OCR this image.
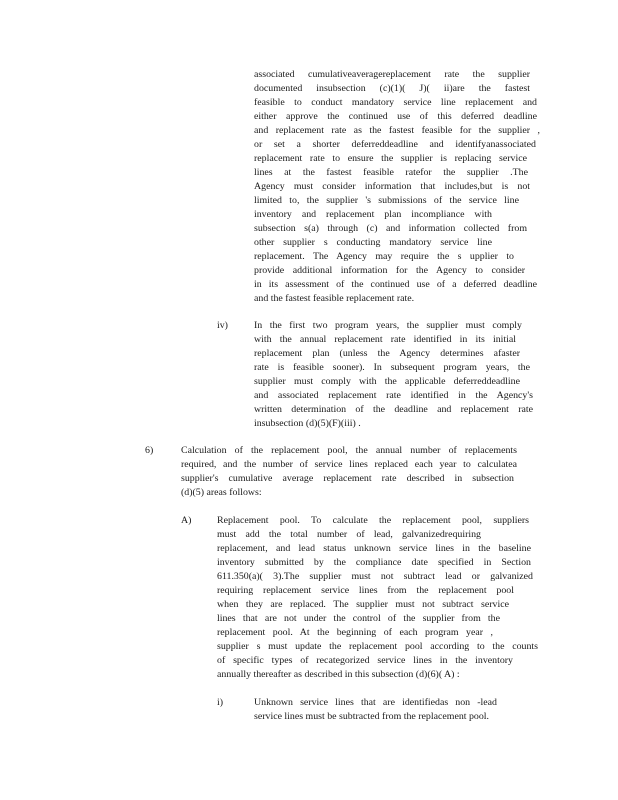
associated cumulativeaveragereplacement rate the supplier
documented insubsection (c)(1)( J)( ii)are the fastest
feasible to conduct mandatory service line replacement and
either approve the continued use of this deferred deadline
and replacement rate as the fastest feasible for the supplier ,
or set a shorter deferreddeadline and identifyanassociated
replacement rate to ensure the supplier is replacing service
lines at the fastest feasible ratefor the supplier .The
Agency must consider information that includes,but is not
limited to, the supplier 's submissions of the service line
inventory and replacement plan incompliance with
subsection s(a) through (c) and information collected from
other supplier s conducting mandatory service line
replacement. The Agency may require the s upplier to
provide additional information for the Agency to consider
in its assessment of the continued use of a deferred deadline
and the fastest feasible replacement rate.
iv)	In the first two program years, the supplier must comply
with the annual replacement rate identified in its initial
replacement plan (unless the Agency determines afaster
rate is feasible sooner). In subsequent program years, the
supplier must comply with the applicable deferreddeadline
and associated replacement rate identified in the Agency's
written determination of the deadline and replacement rate
insubsection (d)(5)(F)(iii) .
6)	Calculation of the replacement pool, the annual number of replacements
required, and the number of service lines replaced each year to calculatea
supplier's cumulative average replacement rate described in subsection
(d)(5) areas follows:
A)	Replacement pool. To calculate the replacement pool, suppliers
must add the total number of lead, galvanizedrequiring
replacement, and lead status unknown service lines in the baseline
inventory submitted by the compliance date specified in Section
611.350(a)( 3).The supplier must not subtract lead or galvanized
requiring replacement service lines from the replacement pool
when they are replaced. The supplier must not subtract service
lines that are not under the control of the supplier from the
replacement pool. At the beginning of each program year ,
supplier s must update the replacement pool according to the counts
of specific types of recategorized service lines in the inventory
annually thereafter as described in this subsection (d)(6)( A) :
i)	Unknown service lines that are identifiedas non -lead
service lines must be subtracted from the replacement pool.
